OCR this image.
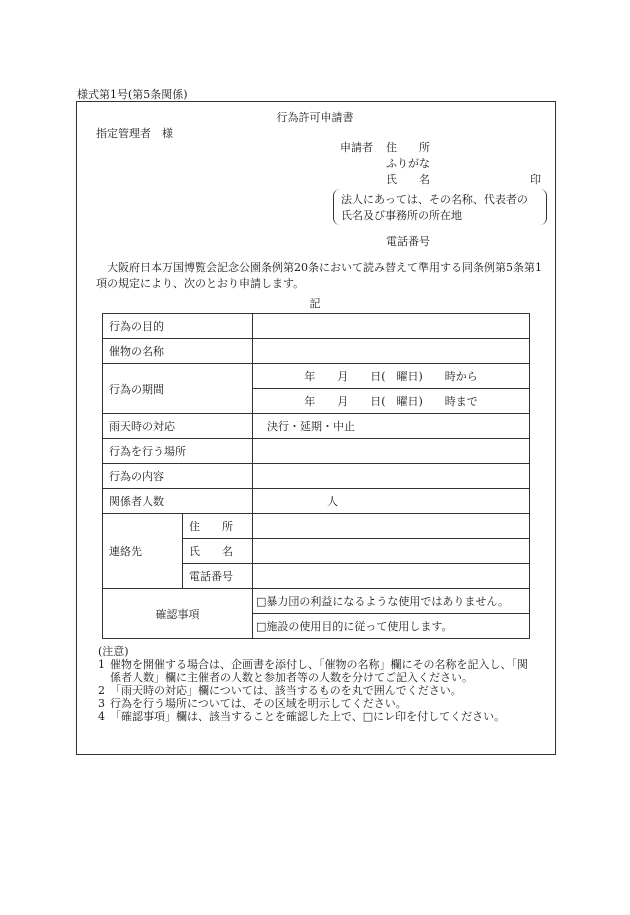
様式第1号(第5条関係)
行為許可申請書
指定管理者　様
申請者 住　　所
ふりがな
氏　　名	印
法人にあっては、その名称、代表者の
氏名及び事務所の所在地
電話番号
大阪府日本万国博覧会記念公園条例第20条において読み替えて準用する同条例第5条第1項の規定により、次のとおり申請します。
記
行為の目的		
催物の名称		
行為の期間		年　　月　　日(　曜日)　　時から
		年　　月　　日(　曜日)　　時まで
雨天時の対応		決行・延期・中止
行為を行う場所		
行為の内容		
関係者人数		人
連絡先	住　　所	
	氏　　名	
	電話番号	
確認事項		□暴力団の利益になるような使用ではありません。
		□施設の使用目的に従って使用します。
(注意)
1 催物を開催する場合は、企画書を添付し、「催物の名称」欄にその名称を記入し、「関係者人数」欄に主催者の人数と参加者等の人数を分けてご記入ください。
2 「雨天時の対応」欄については、該当するものを丸で囲んでください。
3 行為を行う場所については、その区域を明示してください。
4 「確認事項」欄は、該当することを確認した上で、□にレ印を付してください。
